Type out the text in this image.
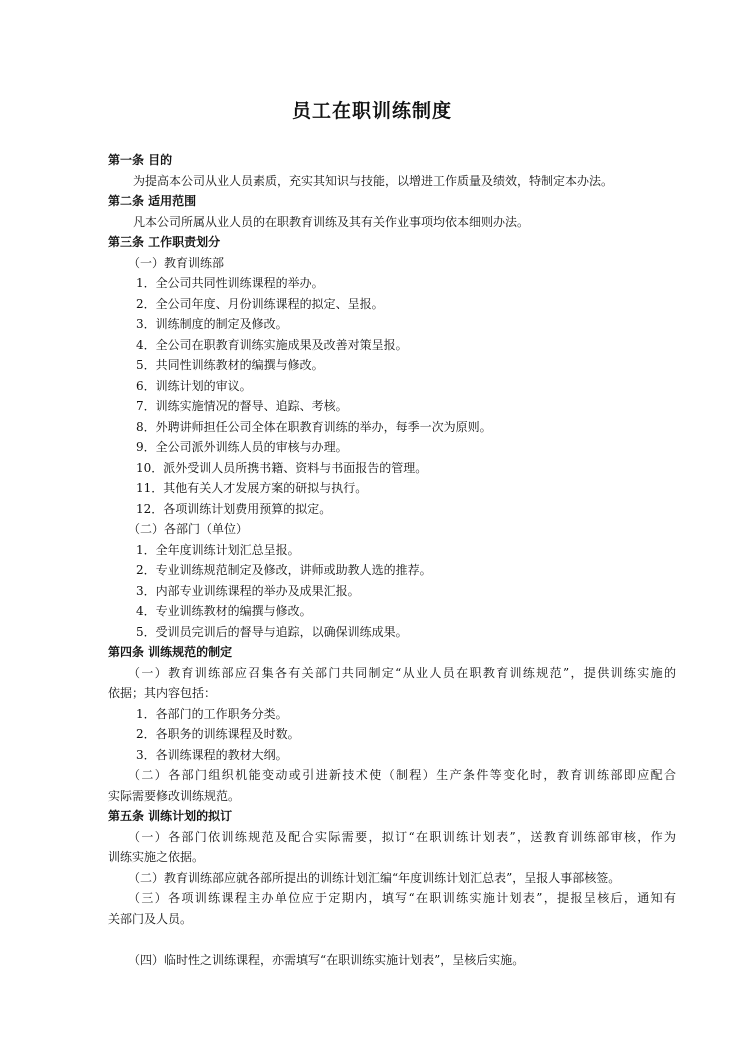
员工在职训练制度

第一条 目的

为提高本公司从业人员素质，充实其知识与技能，以增进工作质量及绩效，特制定本办法。

第二条 适用范围

凡本公司所属从业人员的在职教育训练及其有关作业事项均依本细则办法。

第三条 工作职责划分

（一）教育训练部

1．全公司共同性训练课程的举办。

2．全公司年度、月份训练课程的拟定、呈报。

3．训练制度的制定及修改。

4．全公司在职教育训练实施成果及改善对策呈报。

5．共同性训练教材的编撰与修改。

6．训练计划的审议。

7．训练实施情况的督导、追踪、考核。

8．外聘讲师担任公司全体在职教育训练的举办，每季一次为原则。

9．全公司派外训练人员的审核与办理。

10．派外受训人员所携书籍、资料与书面报告的管理。

11．其他有关人才发展方案的研拟与执行。

12．各项训练计划费用预算的拟定。

（二）各部门（单位）

1．全年度训练计划汇总呈报。

2．专业训练规范制定及修改，讲师或助教人选的推荐。

3．内部专业训练课程的举办及成果汇报。

4．专业训练教材的编撰与修改。

5．受训员完训后的督导与追踪，以确保训练成果。

第四条 训练规范的制定

（一）教育训练部应召集各有关部门共同制定“从业人员在职教育训练规范”，提供训练实施的

依据；其内容包括：

1．各部门的工作职务分类。

2．各职务的训练课程及时数。

3．各训练课程的教材大纲。

（二）各部门组织机能变动或引进新技术使（制程）生产条件等变化时，教育训练部即应配合

实际需要修改训练规范。

第五条 训练计划的拟订

（一）各部门依训练规范及配合实际需要，拟订“在职训练计划表”，送教育训练部审核，作为

训练实施之依据。

（二）教育训练部应就各部所提出的训练计划汇编“年度训练计划汇总表”，呈报人事部核签。

（三）各项训练课程主办单位应于定期内，填写“在职训练实施计划表”，提报呈核后，通知有

关部门及人员。

（四）临时性之训练课程，亦需填写“在职训练实施计划表”，呈核后实施。
